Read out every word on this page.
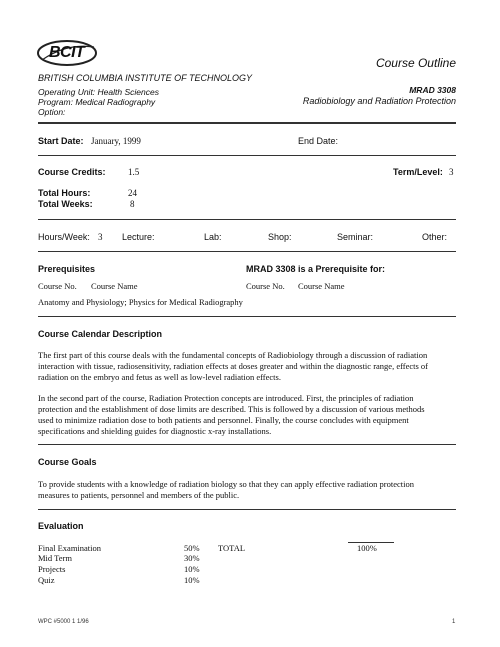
BCIT
BRITISH COLUMBIA INSTITUTE OF TECHNOLOGY
Operating Unit: Health Sciences
Program: Medical Radiography
Option:
Course Outline
MRAD 3308
Radiobiology and Radiation Protection
Start Date: January, 1999	End Date:
Course Credits: 1.5	Term/Level: 3
Total Hours:	24
Total Weeks:	8
Hours/Week: 3 Lecture:	Lab:	Shop:	Seminar:	Other:
Prerequisites	MRAD 3308 is a Prerequisite for:
Course No. Course Name	Course No. Course Name
Anatomy and Physiology; Physics for Medical Radiography
Course Calendar Description
The first part of this course deals with the fundamental concepts of Radiobiology through a discussion of radiation
interaction with tissue, radiosensitivity, radiation effects at doses greater and within the diagnostic range, effects of
radiation on the embryo and fetus as well as low-level radiation effects.
In the second part of the course, Radiation Protection concepts are introduced. First, the principles of radiation
protection and the establishment of dose limits are described. This is followed by a discussion of various methods
used to minimize radiation dose to both patients and personnel. Finally, the course concludes with equipment
specifications and shielding guides for diagnostic x-ray installations.
Course Goals
To provide students with a knowledge of radiation biology so that they can apply effective radiation protection
measures to patients, personnel and members of the public.
Evaluation
Final Examination	50% TOTAL	100%
Mid Term	30%
Projects	10%
Quiz	10%
WPC #5000 1 1/96	1
